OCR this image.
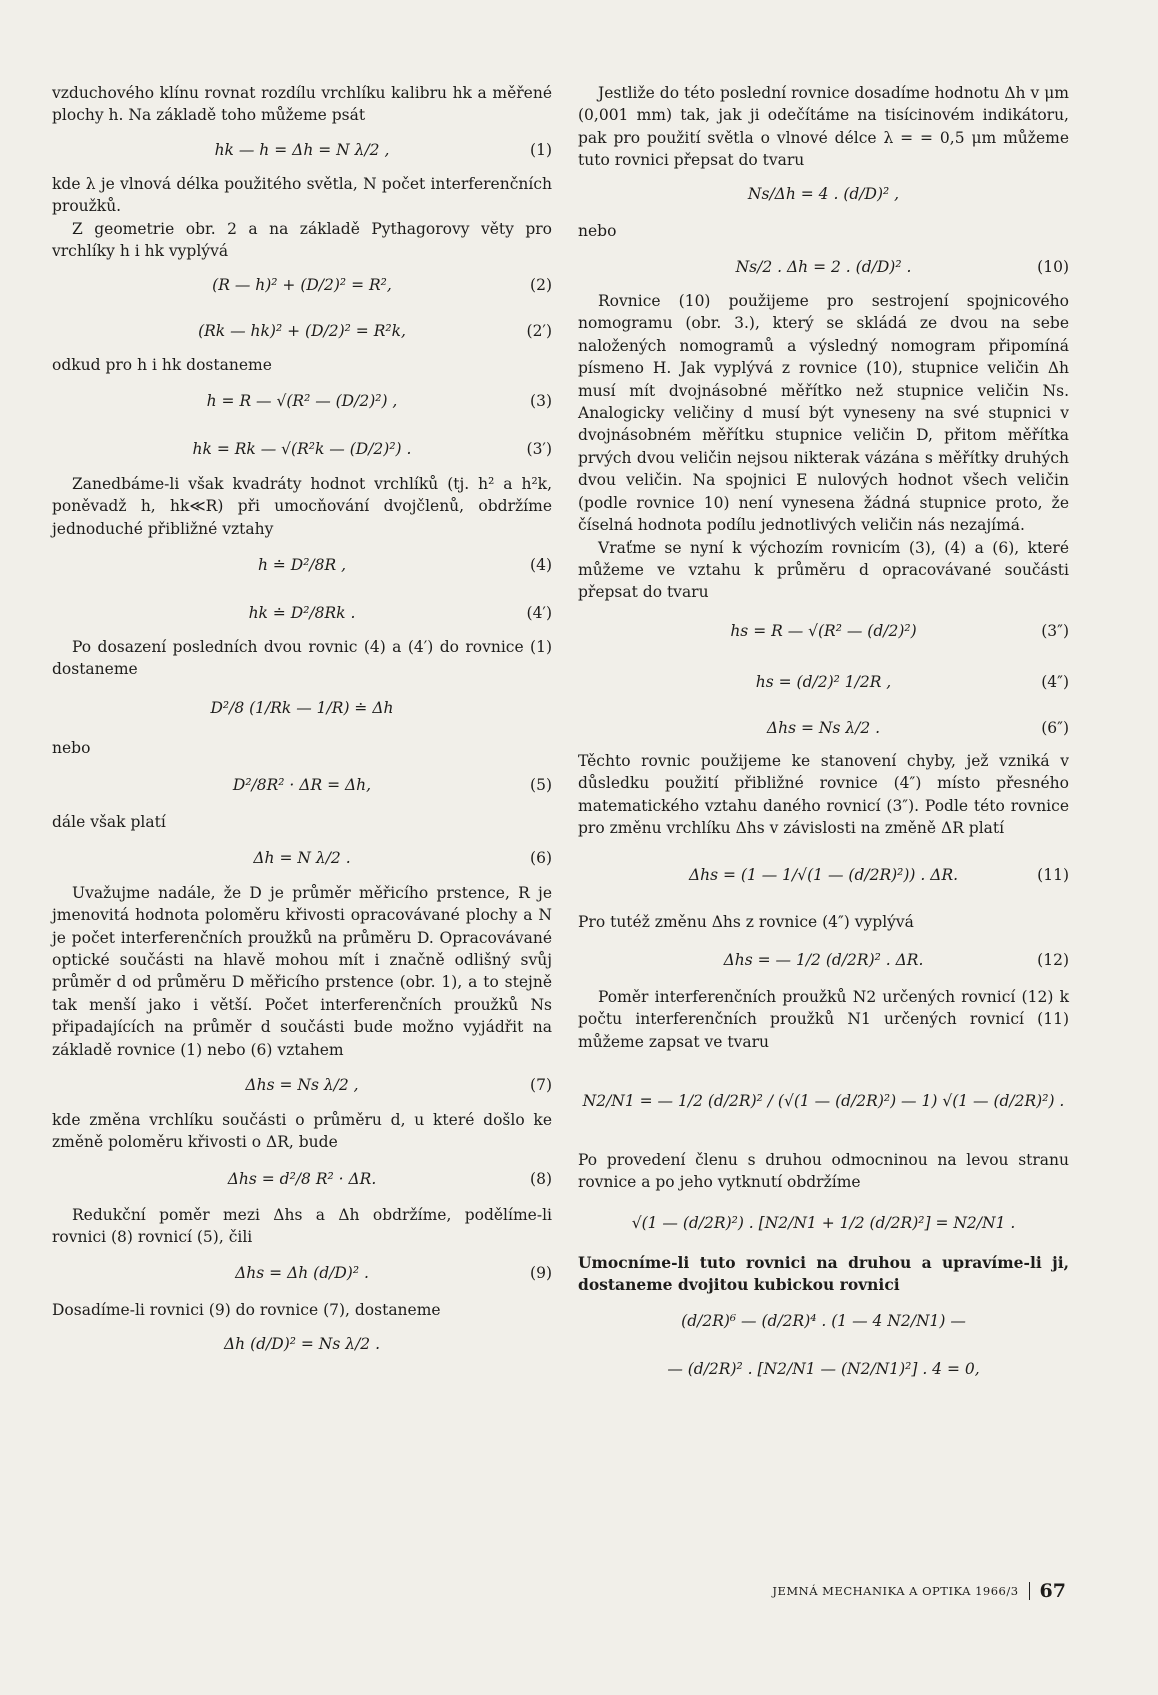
vzduchového klínu rovnat rozdílu vrchlíku kalibru hk a měřené plochy h. Na základě toho můžeme psát

hk — h = Δh = N λ/2 ,	(1)

kde λ je vlnová délka použitého světla, N počet interferenčních proužků.

Z geometrie obr. 2 a na základě Pythagorovy věty pro vrchlíky h i hk vyplývá

(R — h)² + (D/2)² = R²,	(2)
(Rk — hk)² + (D/2)² = R²k,	(2′)

odkud pro h i hk dostaneme

h = R — √(R² — (D/2)²) ,	(3)
hk = Rk — √(R²k — (D/2)²) .	(3′)

Zanedbáme-li však kvadráty hodnot vrchlíků (tj. h² a h²k, poněvadž h, hk≪R) při umocňování dvojčlenů, obdržíme jednoduché přibližné vztahy

h ≐ D²/8R ,	(4)
hk ≐ D²/8Rk .	(4′)

Po dosazení posledních dvou rovnic (4) a (4′) do rovnice (1) dostaneme

D²/8 (1/Rk — 1/R) ≐ Δh

nebo

D²/8R² · ΔR = Δh,	(5)

dále však platí

Δh = N λ/2 .	(6)

Uvažujme nadále, že D je průměr měřicího prstence, R je jmenovitá hodnota poloměru křivosti opracovávané plochy a N je počet interferenčních proužků na průměru D. Opracovávané optické součásti na hlavě mohou mít i značně odlišný svůj průměr d od průměru D měřicího prstence (obr. 1), a to stejně tak menší jako i větší. Počet interferenčních proužků Ns připadajících na průměr d součásti bude možno vyjádřit na základě rovnice (1) nebo (6) vztahem

Δhs = Ns λ/2 ,	(7)

kde změna vrchlíku součásti o průměru d, u které došlo ke změně poloměru křivosti o ΔR, bude

Δhs = d²/8 R² · ΔR.	(8)

Redukční poměr mezi Δhs a Δh obdržíme, podělíme-li rovnici (8) rovnicí (5), čili

Δhs = Δh (d/D)² .	(9)

Dosadíme-li rovnici (9) do rovnice (7), dostaneme

Δh (d/D)² = Ns λ/2 .

Jestliže do této poslední rovnice dosadíme hodnotu Δh v μm (0,001 mm) tak, jak ji odečítáme na tisícinovém indikátoru, pak pro použití světla o vlnové délce λ = = 0,5 μm můžeme tuto rovnici přepsat do tvaru

Ns/Δh = 4 . (d/D)² ,

nebo

Ns/2 . Δh = 2 . (d/D)² .	(10)

Rovnice (10) použijeme pro sestrojení spojnicového nomogramu (obr. 3.), který se skládá ze dvou na sebe naložených nomogramů a výsledný nomogram připomíná písmeno H. Jak vyplývá z rovnice (10), stupnice veličin Δh musí mít dvojnásobné měřítko než stupnice veličin Ns. Analogicky veličiny d musí být vyneseny na své stupnici v dvojnásobném měřítku stupnice veličin D, přitom měřítka prvých dvou veličin nejsou nikterak vázána s měřítky druhých dvou veličin. Na spojnici E nulových hodnot všech veličin (podle rovnice 10) není vynesena žádná stupnice proto, že číselná hodnota podílu jednotlivých veličin nás nezajímá.

Vraťme se nyní k výchozím rovnicím (3), (4) a (6), které můžeme ve vztahu k průměru d opracovávané součásti přepsat do tvaru

hs = R — √(R² — (d/2)²)	(3″)
hs = (d/2)² 1/2R ,	(4″)
Δhs = Ns λ/2 .	(6″)

Těchto rovnic použijeme ke stanovení chyby, jež vzniká v důsledku použití přibližné rovnice (4″) místo přesného matematického vztahu daného rovnicí (3″). Podle této rovnice pro změnu vrchlíku Δhs v závislosti na změně ΔR platí

Δhs = (1 — 1/√(1 — (d/2R)²)) . ΔR.	(11)

Pro tutéž změnu Δhs z rovnice (4″) vyplývá

Δhs = — 1/2 (d/2R)² . ΔR.	(12)

Poměr interferenčních proužků N2 určených rovnicí (12) k počtu interferenčních proužků N1 určených rovnicí (11) můžeme zapsat ve tvaru

N2/N1 = — 1/2 (d/2R)² / (√(1 — (d/2R)²) — 1) √(1 — (d/2R)²) .

Po provedení členu s druhou odmocninou na levou stranu rovnice a po jeho vytknutí obdržíme

√(1 — (d/2R)²) . [N2/N1 + 1/2 (d/2R)²] = N2/N1 .

Umocníme-li tuto rovnici na druhou a upravíme-li ji, dostaneme dvojitou kubickou rovnici

(d/2R)⁶ — (d/2R)⁴ . (1 — 4 N2/N1) —
— (d/2R)² . [N2/N1 — (N2/N1)²] . 4 = 0,
JEMNÁ MECHANIKA A OPTIKA 1966/3 67
